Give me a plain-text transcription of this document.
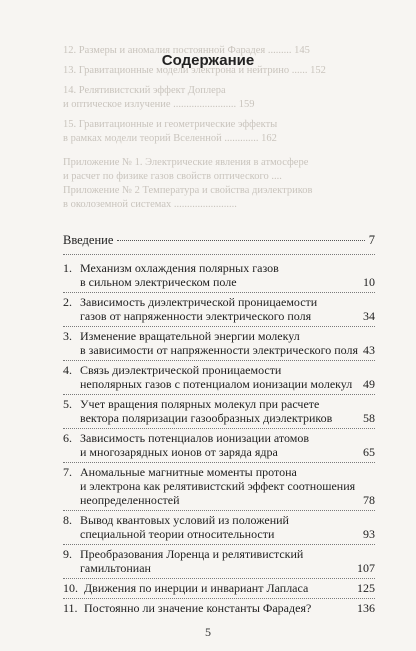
12. Размеры и аномалия постоянной Фарадея ......... 145
13. Гравитационные модели электрона и нейтрино ...... 152
14. Релятивистский эффект Доплера
и оптическое излучение ........................ 159
15. Гравитационные и геометрические эффекты
в рамках модели теорий Вселенной ............. 162
Приложение № 1. Электрические явления в атмосфере
и расчет по физике газов свойств оптического ....
Приложение № 2 Температура и свойства диэлектриков
в околоземной системах ........................
Содержание
Введение	7
5
1. Механизм охлаждения полярных газов
в сильном электрическом поле	10
2. Зависимость диэлектрической проницаемости
газов от напряженности электрического поля	34
3. Изменение вращательной энергии молекул
в зависимости от напряженности электрического поля 43
4. Связь диэлектрической проницаемости
неполярных газов с потенциалом ионизации молекул 49
5. Учет вращения полярных молекул при расчете
вектора поляризации газообразных диэлектриков	58
6. Зависимость потенциалов ионизации атомов
и многозарядных ионов от заряда ядра	65
7. Аномальные магнитные моменты протона
и электрона как релятивистский эффект соотношения
неопределенностей	78
8. Вывод квантовых условий из положений
специальной теории относительности	93
9. Преобразования Лоренца и релятивистский
гамильтониан	107
10. Движения по инерции и инвариант Лапласа	125
11. Постоянно ли значение константы Фарадея?	136
